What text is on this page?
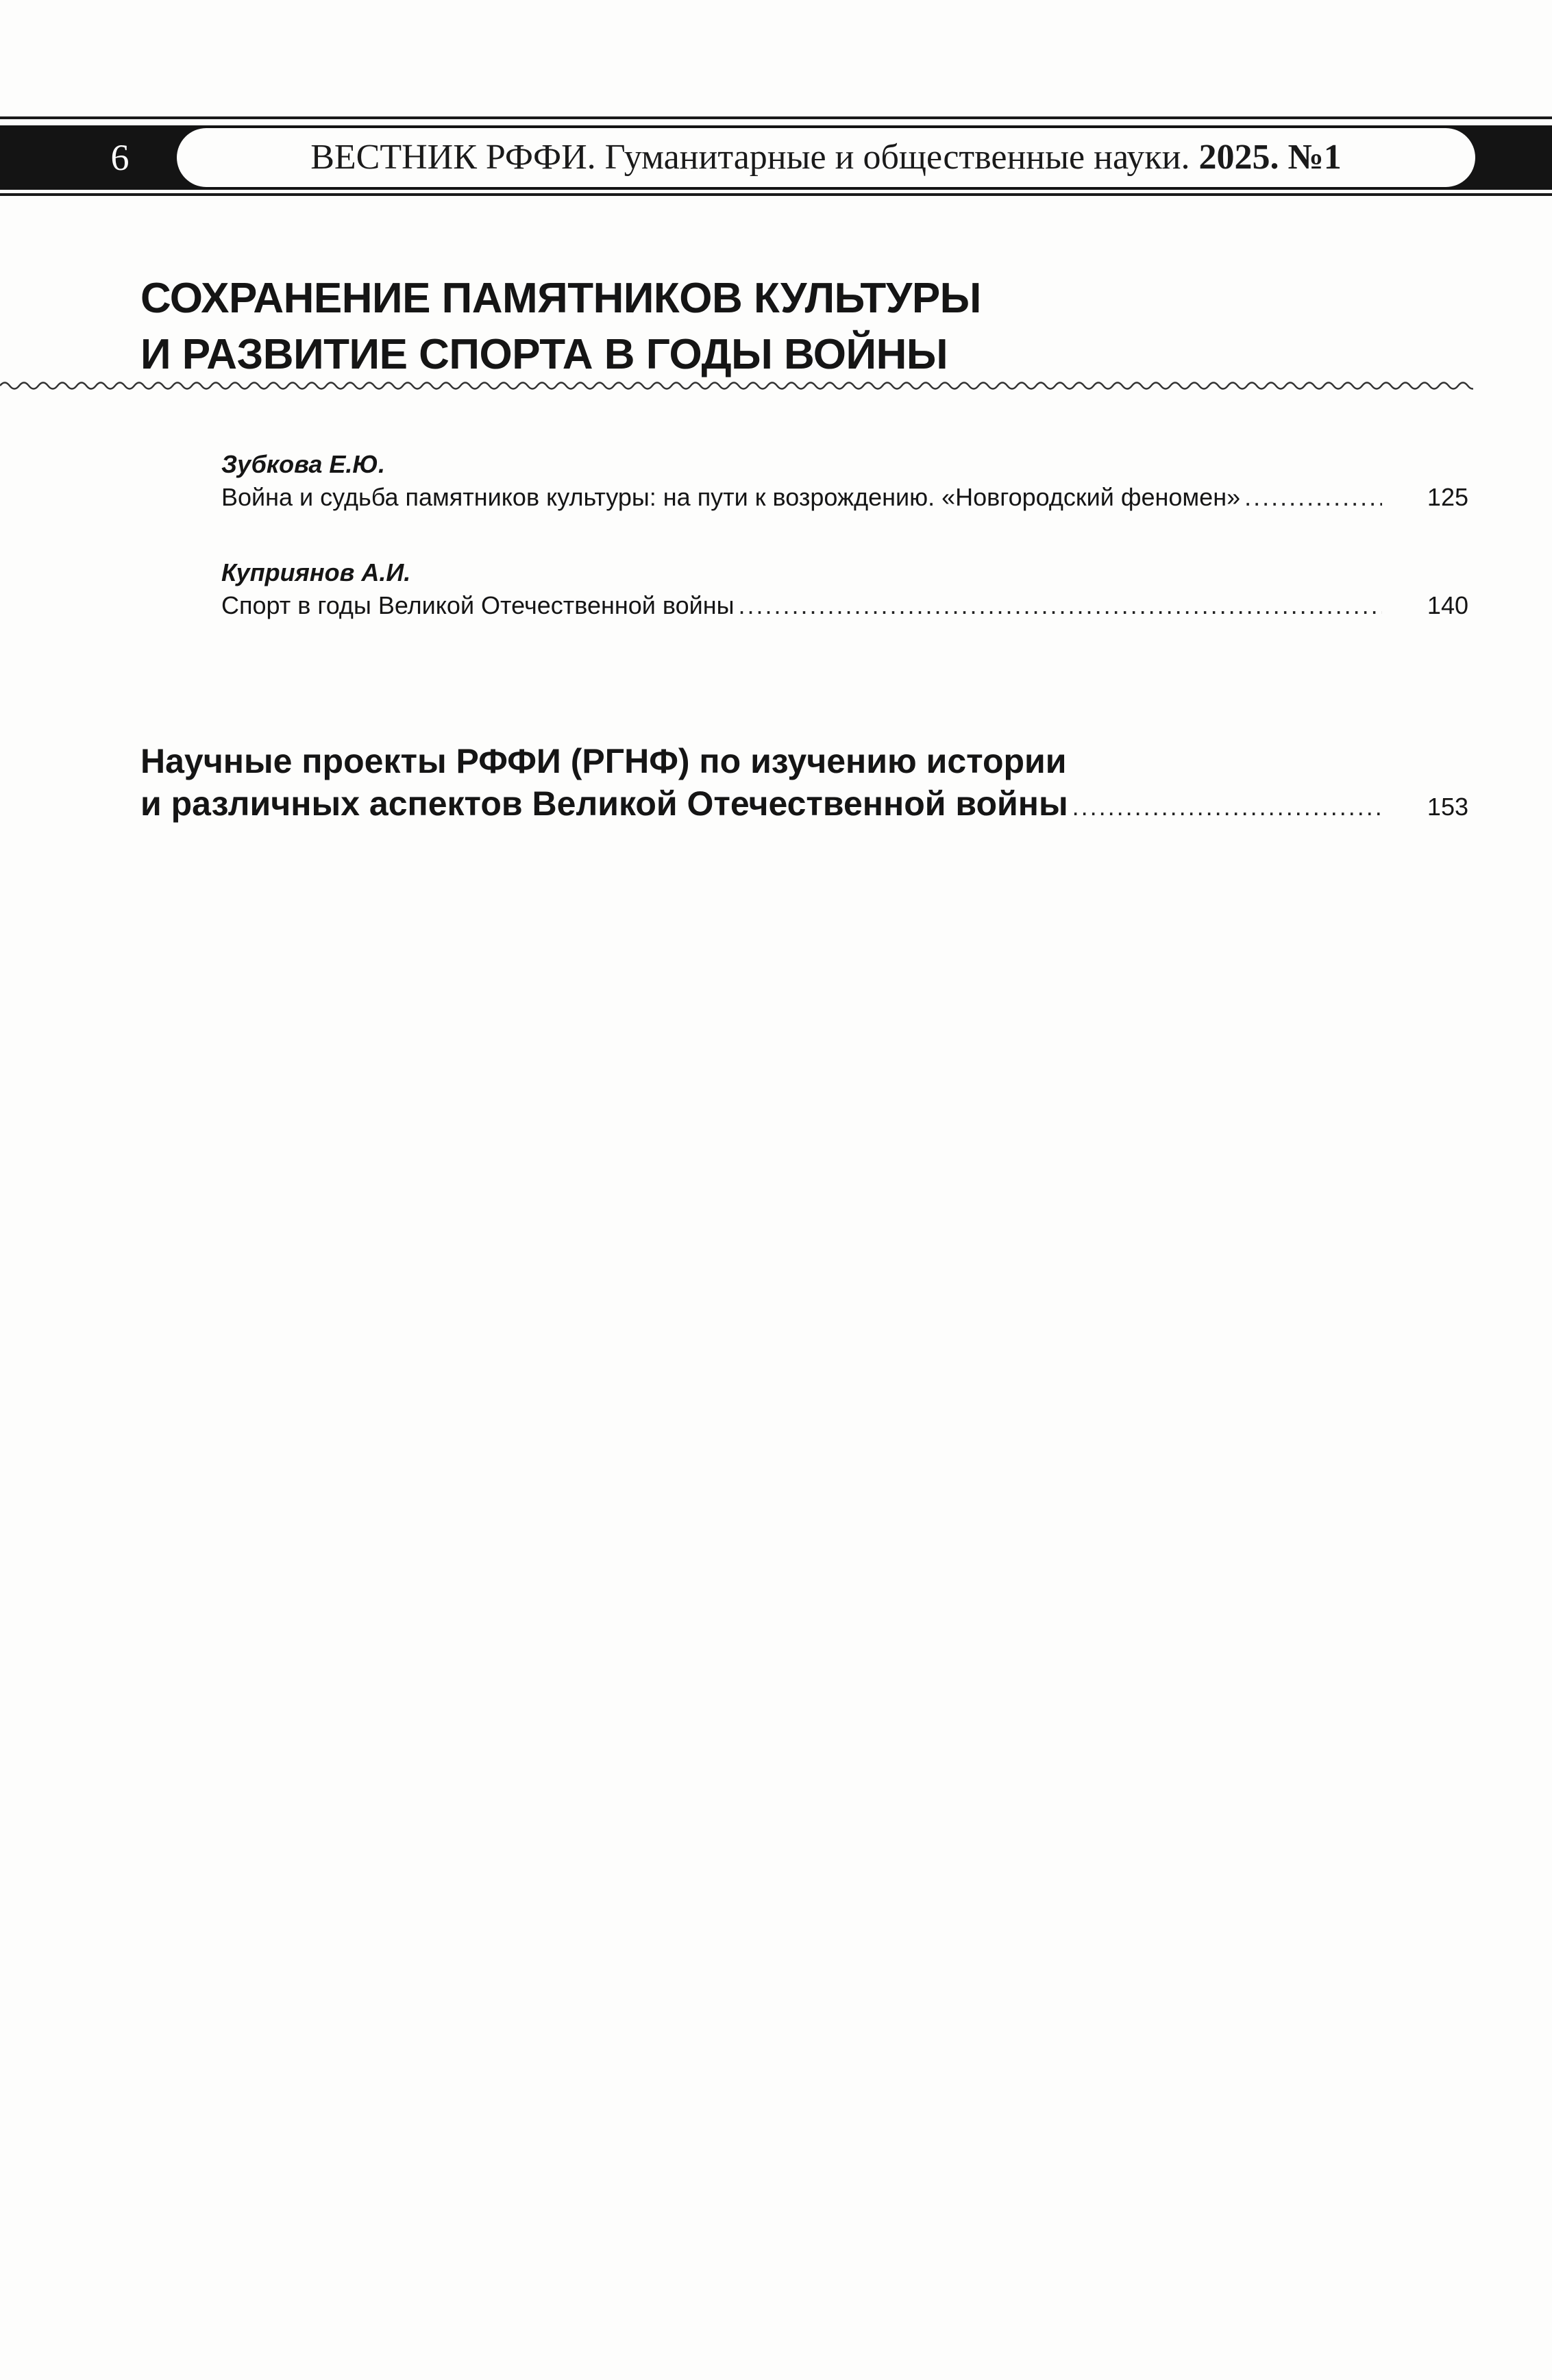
6	ВЕСТНИК РФФИ. Гуманитарные и общественные науки. 2025. №1
СОХРАНЕНИЕ ПАМЯТНИКОВ КУЛЬТУРЫ
И РАЗВИТИЕ СПОРТА В ГОДЫ ВОЙНЫ
Зубкова Е.Ю.
Война и судьба памятников культуры: на пути к возрождению. «Новгородский феномен» .....	125
Куприянов А.И.
Спорт в годы Великой Отечественной войны .....	140
Научные проекты РФФИ (РГНФ) по изучению истории
и различных аспектов Великой Отечественной войны .....	153
